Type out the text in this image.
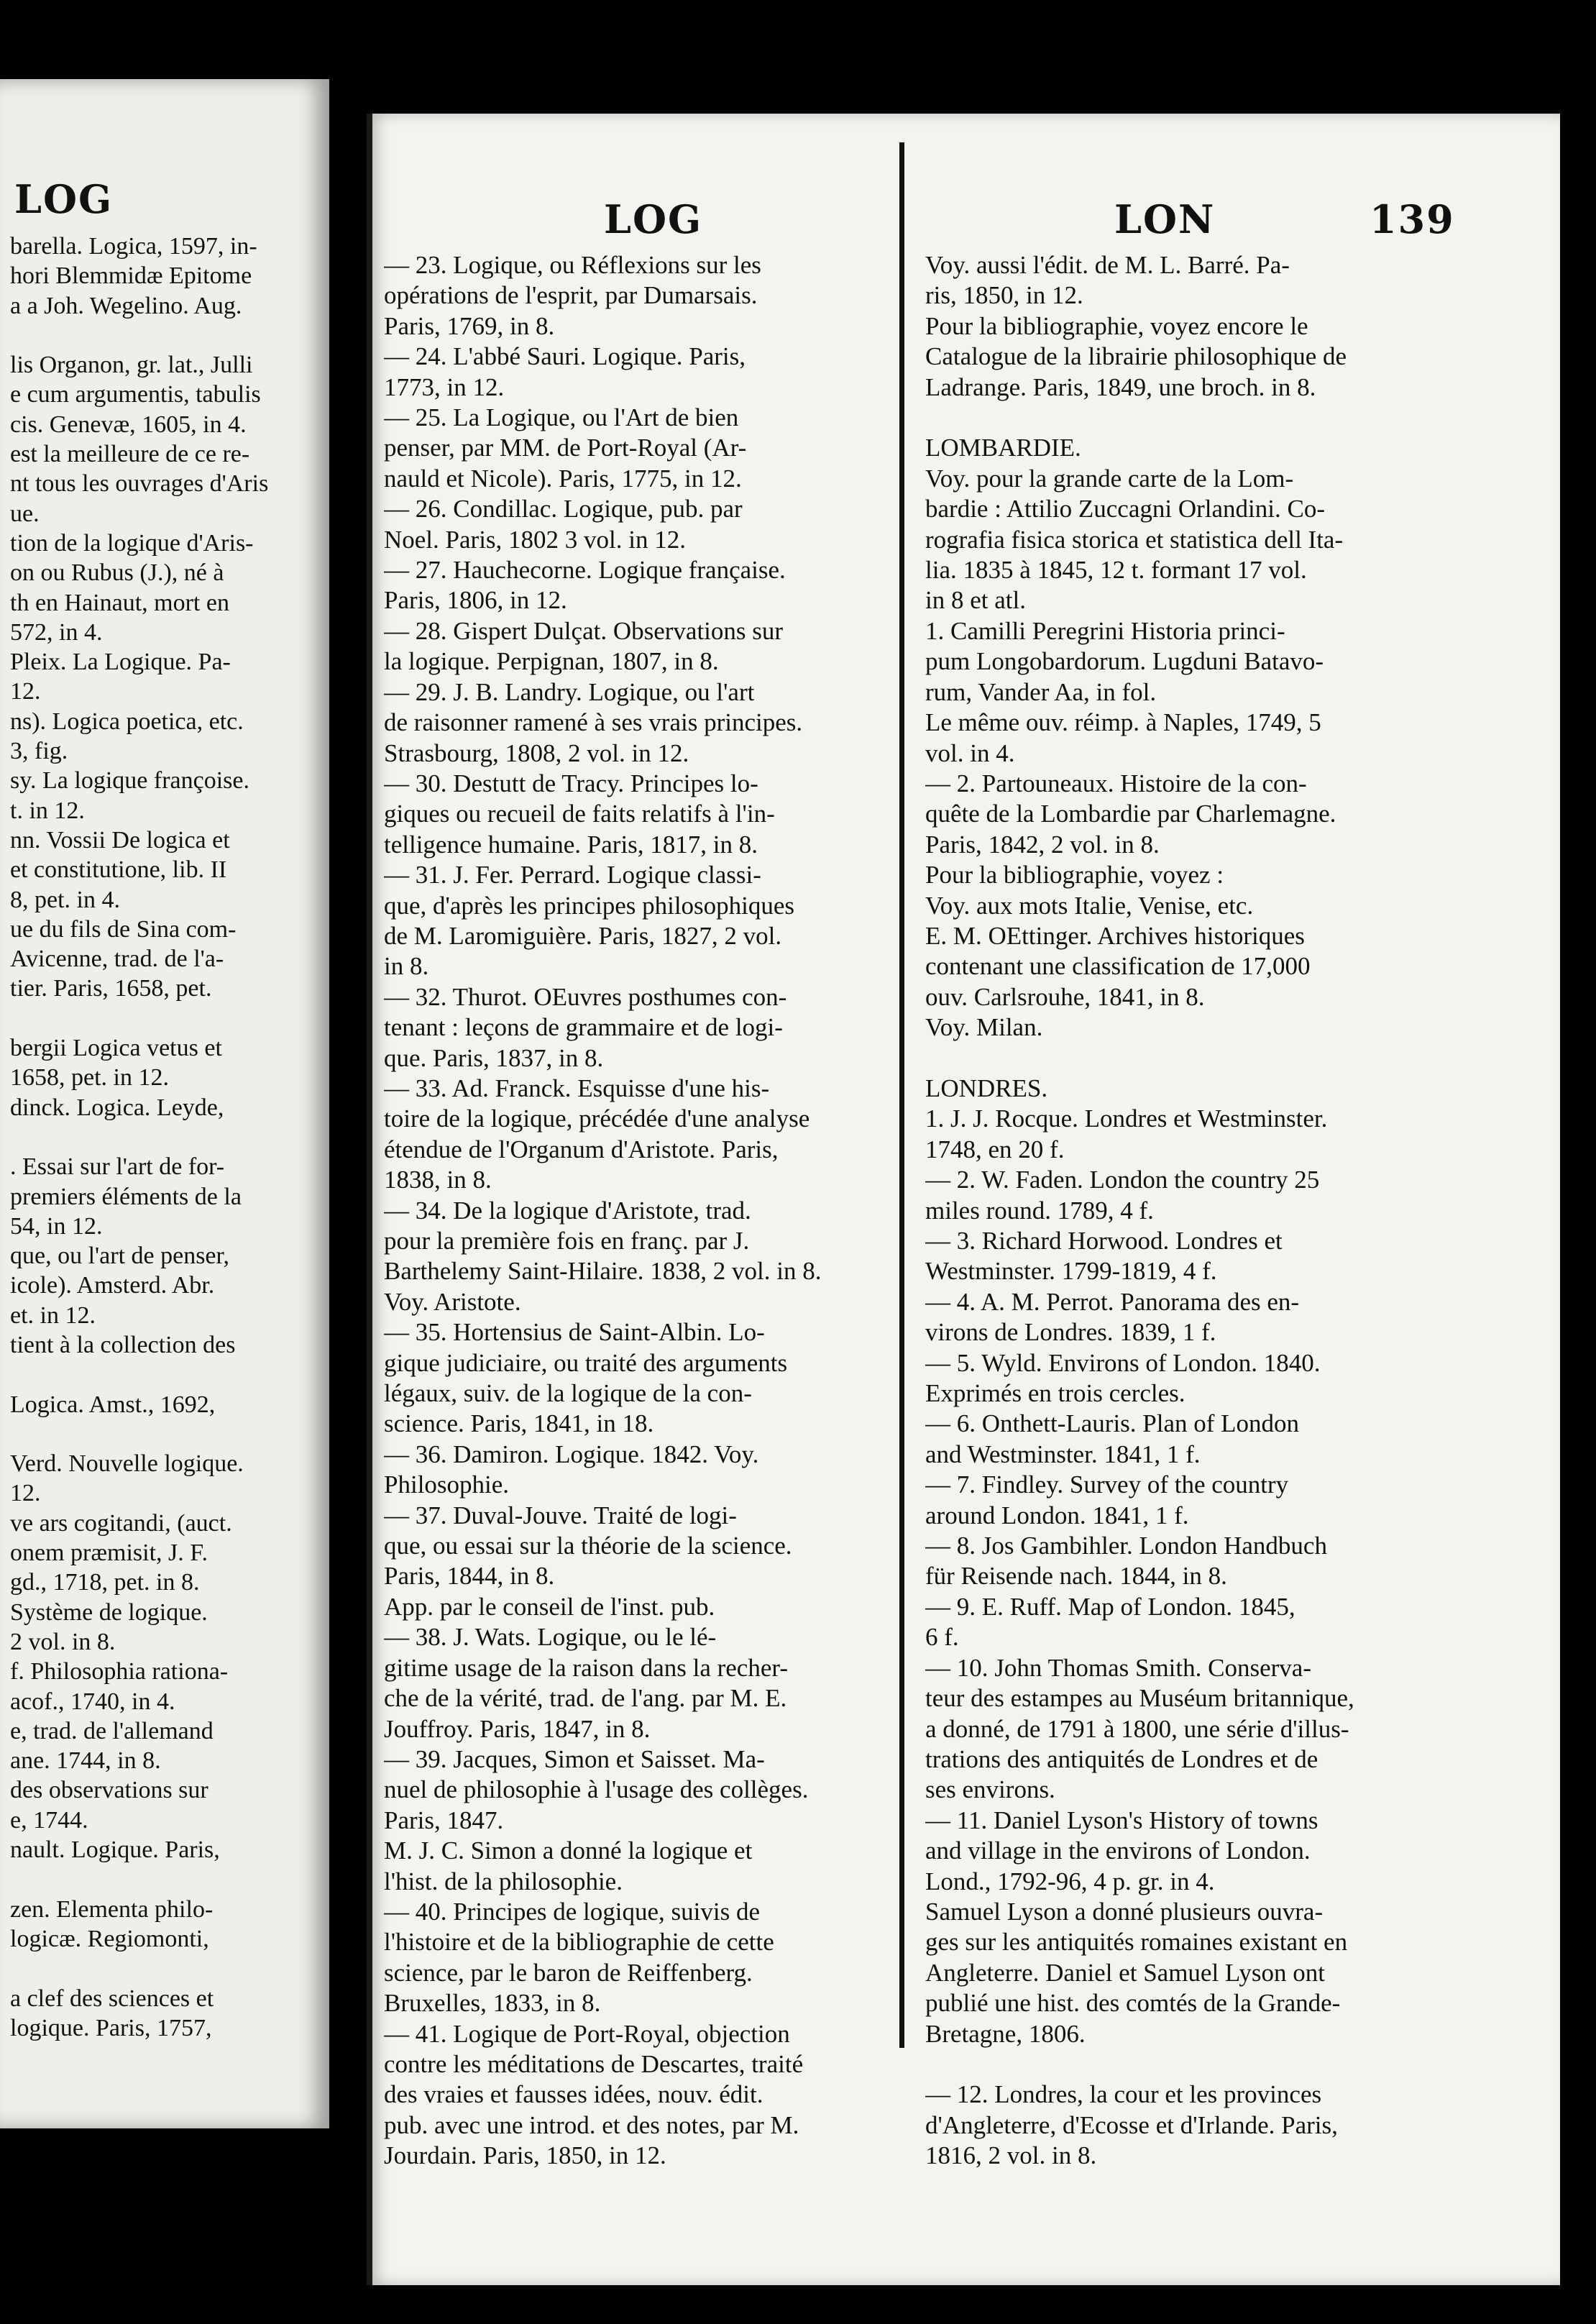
LOG
barella. Logica, 1597, in-
hori Blemmidæ Epitome
a a Joh. Wegelino. Aug.

lis Organon, gr. lat., Julli
e cum argumentis, tabulis
cis. Genevæ, 1605, in 4.
est la meilleure de ce re-
nt tous les ouvrages d'Aris
ue.
tion de la logique d'Aris-
on ou Rubus (J.), né à
th en Hainaut, mort en
572, in 4.
Pleix. La Logique. Pa-
12.
ns). Logica poetica, etc.
3, fig.
sy. La logique françoise.
t. in 12.
nn. Vossii De logica et
et constitutione, lib. II
8, pet. in 4.
ue du fils de Sina com-
Avicenne, trad. de l'a-
tier. Paris, 1658, pet.

bergii Logica vetus et
1658, pet. in 12.
dinck. Logica. Leyde,

. Essai sur l'art de for-
premiers éléments de la
54, in 12.
que, ou l'art de penser,
icole). Amsterd. Abr.
et. in 12.
tient à la collection des

Logica. Amst., 1692,

Verd. Nouvelle logique.
12.
ve ars cogitandi, (auct.
onem præmisit, J. F.
gd., 1718, pet. in 8.
Système de logique.
2 vol. in 8.
f. Philosophia rationa-
acof., 1740, in 4.
e, trad. de l'allemand
ane. 1744, in 8.
des observations sur
e, 1744.
nault. Logique. Paris,

zen. Elementa philo-
logicæ. Regiomonti,

a clef des sciences et
logique. Paris, 1757,
LOG	LON	139
— 23. Logique, ou Réflexions sur les
opérations de l'esprit, par Dumarsais.
Paris, 1769, in 8.
— 24. L'abbé Sauri. Logique. Paris,
1773, in 12.
— 25. La Logique, ou l'Art de bien
penser, par MM. de Port-Royal (Ar-
nauld et Nicole). Paris, 1775, in 12.
— 26. Condillac. Logique, pub. par
Noel. Paris, 1802 3 vol. in 12.
— 27. Hauchecorne. Logique française.
Paris, 1806, in 12.
— 28. Gispert Dulçat. Observations sur
la logique. Perpignan, 1807, in 8.
— 29. J. B. Landry. Logique, ou l'art
de raisonner ramené à ses vrais principes.
Strasbourg, 1808, 2 vol. in 12.
— 30. Destutt de Tracy. Principes lo-
giques ou recueil de faits relatifs à l'in-
telligence humaine. Paris, 1817, in 8.
— 31. J. Fer. Perrard. Logique classi-
que, d'après les principes philosophiques
de M. Laromiguière. Paris, 1827, 2 vol.
in 8.
— 32. Thurot. OEuvres posthumes con-
tenant : leçons de grammaire et de logi-
que. Paris, 1837, in 8.
— 33. Ad. Franck. Esquisse d'une his-
toire de la logique, précédée d'une analyse
étendue de l'Organum d'Aristote. Paris,
1838, in 8.
— 34. De la logique d'Aristote, trad.
pour la première fois en franç. par J.
Barthelemy Saint-Hilaire. 1838, 2 vol. in 8.
Voy. Aristote.
— 35. Hortensius de Saint-Albin. Lo-
gique judiciaire, ou traité des arguments
légaux, suiv. de la logique de la con-
science. Paris, 1841, in 18.
— 36. Damiron. Logique. 1842. Voy.
Philosophie.
— 37. Duval-Jouve. Traité de logi-
que, ou essai sur la théorie de la science.
Paris, 1844, in 8.
App. par le conseil de l'inst. pub.
— 38. J. Wats. Logique, ou le lé-
gitime usage de la raison dans la recher-
che de la vérité, trad. de l'ang. par M. E.
Jouffroy. Paris, 1847, in 8.
— 39. Jacques, Simon et Saisset. Ma-
nuel de philosophie à l'usage des collèges.
Paris, 1847.
M. J. C. Simon a donné la logique et
l'hist. de la philosophie.
— 40. Principes de logique, suivis de
l'histoire et de la bibliographie de cette
science, par le baron de Reiffenberg.
Bruxelles, 1833, in 8.
— 41. Logique de Port-Royal, objection
contre les méditations de Descartes, traité
des vraies et fausses idées, nouv. édit.
pub. avec une introd. et des notes, par M.
Jourdain. Paris, 1850, in 12.
Voy. aussi l'édit. de M. L. Barré. Pa-
ris, 1850, in 12.
Pour la bibliographie, voyez encore le
Catalogue de la librairie philosophique de
Ladrange. Paris, 1849, une broch. in 8.

LOMBARDIE.
Voy. pour la grande carte de la Lom-
bardie : Attilio Zuccagni Orlandini. Co-
rografia fisica storica et statistica dell Ita-
lia. 1835 à 1845, 12 t. formant 17 vol.
in 8 et atl.
1. Camilli Peregrini Historia princi-
pum Longobardorum. Lugduni Batavo-
rum, Vander Aa, in fol.
Le même ouv. réimp. à Naples, 1749, 5
vol. in 4.
— 2. Partouneaux. Histoire de la con-
quête de la Lombardie par Charlemagne.
Paris, 1842, 2 vol. in 8.
Pour la bibliographie, voyez :
Voy. aux mots Italie, Venise, etc.
E. M. OEttinger. Archives historiques
contenant une classification de 17,000
ouv. Carlsrouhe, 1841, in 8.
Voy. Milan.

LONDRES.
1. J. J. Rocque. Londres et Westminster.
1748, en 20 f.
— 2. W. Faden. London the country 25
miles round. 1789, 4 f.
— 3. Richard Horwood. Londres et
Westminster. 1799-1819, 4 f.
— 4. A. M. Perrot. Panorama des en-
virons de Londres. 1839, 1 f.
— 5. Wyld. Environs of London. 1840.
Exprimés en trois cercles.
— 6. Onthett-Lauris. Plan of London
and Westminster. 1841, 1 f.
— 7. Findley. Survey of the country
around London. 1841, 1 f.
— 8. Jos Gambihler. London Handbuch
für Reisende nach. 1844, in 8.
— 9. E. Ruff. Map of London. 1845,
6 f.
— 10. John Thomas Smith. Conserva-
teur des estampes au Muséum britannique,
a donné, de 1791 à 1800, une série d'illus-
trations des antiquités de Londres et de
ses environs.
— 11. Daniel Lyson's History of towns
and village in the environs of London.
Lond., 1792-96, 4 p. gr. in 4.
Samuel Lyson a donné plusieurs ouvra-
ges sur les antiquités romaines existant en
Angleterre. Daniel et Samuel Lyson ont
publié une hist. des comtés de la Grande-
Bretagne, 1806.

— 12. Londres, la cour et les provinces
d'Angleterre, d'Ecosse et d'Irlande. Paris,
1816, 2 vol. in 8.
